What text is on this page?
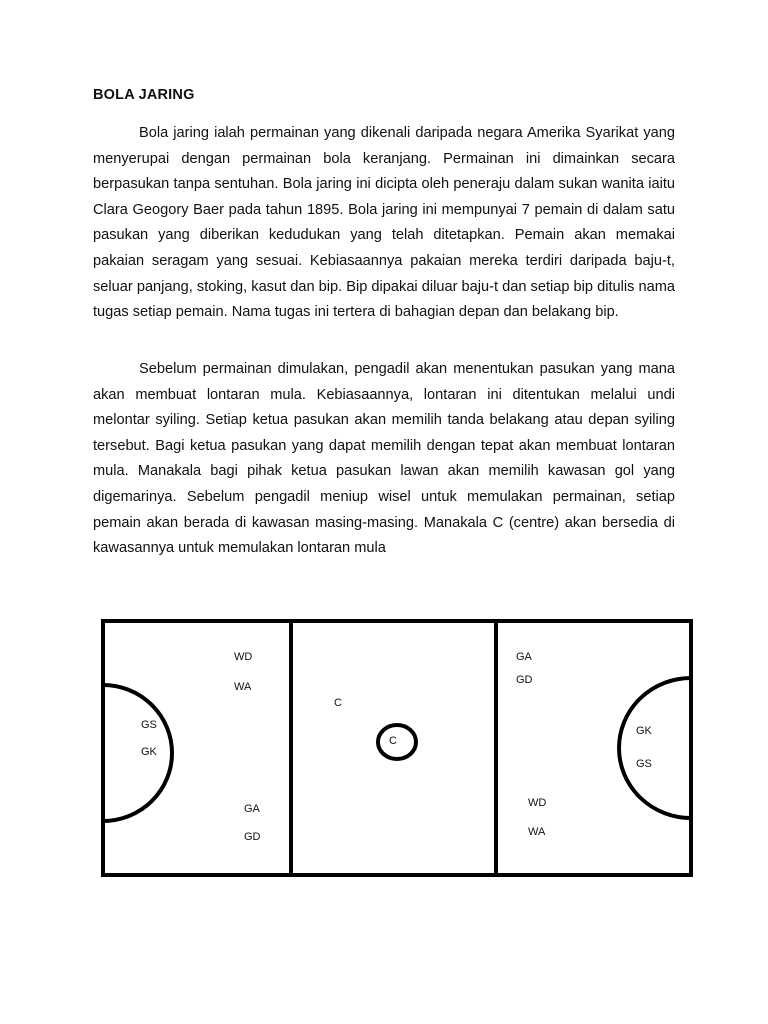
BOLA JARING

Bola jaring ialah permainan yang dikenali daripada negara Amerika Syarikat yang menyerupai dengan permainan bola keranjang. Permainan ini dimainkan secara berpasukan tanpa sentuhan. Bola jaring ini dicipta oleh peneraju dalam sukan wanita iaitu Clara Geogory Baer pada tahun 1895. Bola jaring ini mempunyai 7 pemain di dalam satu pasukan yang diberikan kedudukan yang telah ditetapkan. Pemain akan memakai pakaian seragam yang sesuai. Kebiasaannya pakaian mereka terdiri daripada baju-t, seluar panjang, stoking, kasut dan bip. Bip dipakai diluar baju-t dan setiap bip ditulis nama tugas setiap pemain. Nama tugas ini tertera di bahagian depan dan belakang bip.

Sebelum permainan dimulakan, pengadil akan menentukan pasukan yang mana akan membuat lontaran mula. Kebiasaannya, lontaran ini ditentukan melalui undi melontar syiling. Setiap ketua pasukan akan memilih tanda belakang atau depan syiling tersebut. Bagi ketua pasukan yang dapat memilih dengan tepat akan membuat lontaran mula. Manakala bagi pihak ketua pasukan lawan akan memilih kawasan gol yang digemarinya. Sebelum pengadil meniup wisel untuk memulakan permainan, setiap pemain akan berada di kawasan masing-masing. Manakala C (centre) akan bersedia di kawasannya untuk memulakan lontaran mula

WD
WA
GS
GK
GA
GD
C
C
GA
GD
GK
GS
WD
WA
